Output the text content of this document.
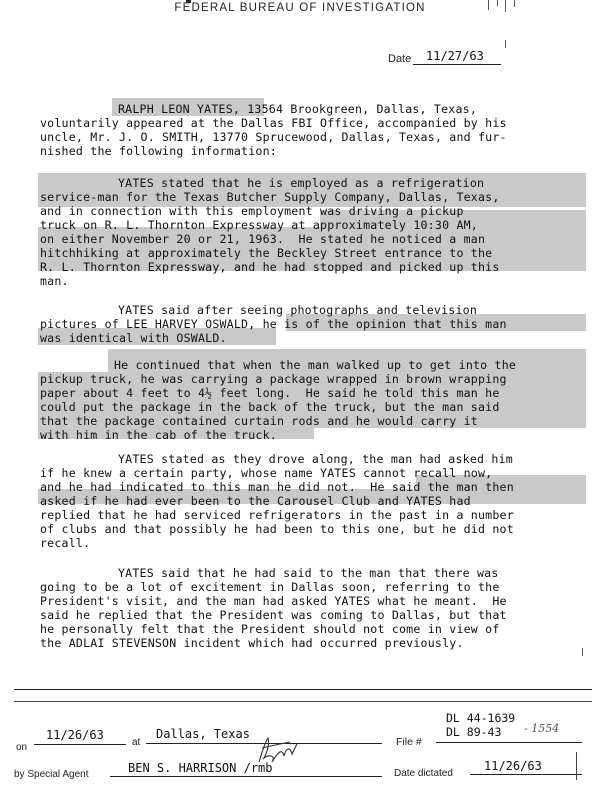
FEDERAL BUREAU OF INVESTIGATION
Date 11/27/63
RALPH LEON YATES, 13564 Brookgreen, Dallas, Texas,
voluntarily appeared at the Dallas FBI Office, accompanied by his
uncle, Mr. J. O. SMITH, 13770 Sprucewood, Dallas, Texas, and fur-
nished the following information:
YATES stated that he is employed as a refrigeration
service-man for the Texas Butcher Supply Company, Dallas, Texas,
and in connection with this employment was driving a pickup
truck on R. L. Thornton Expressway at approximately 10:30 AM,
on either November 20 or 21, 1963.  He stated he noticed a man
hitchhiking at approximately the Beckley Street entrance to the
R. L. Thornton Expressway, and he had stopped and picked up this
man.
YATES said after seeing photographs and television
pictures of LEE HARVEY OSWALD, he is of the opinion that this man
was identical with OSWALD.
He continued that when the man walked up to get into the
pickup truck, he was carrying a package wrapped in brown wrapping
paper about 4 feet to 4½ feet long.  He said he told this man he
could put the package in the back of the truck, but the man said
that the package contained curtain rods and he would carry it
with him in the cab of the truck.
YATES stated as they drove along, the man had asked him
if he knew a certain party, whose name YATES cannot recall now,
and he had indicated to this man he did not.  He said the man then
asked if he had ever been to the Carousel Club and YATES had
replied that he had serviced refrigerators in the past in a number
of clubs and that possibly he had been to this one, but he did not
recall.
YATES said that he had said to the man that there was
going to be a lot of excitement in Dallas soon, referring to the
President's visit, and the man had asked YATES what he meant.  He
said he replied that the President was coming to Dallas, but that
he personally felt that the President should not come in view of
the ADLAI STEVENSON incident which had occurred previously.
DL 44-1639
DL 89-43 - 1554
on
11/26/63
at
Dallas, Texas
File #
by Special Agent	BEN S. HARRISON /rmb	Date dictated
11/26/63
